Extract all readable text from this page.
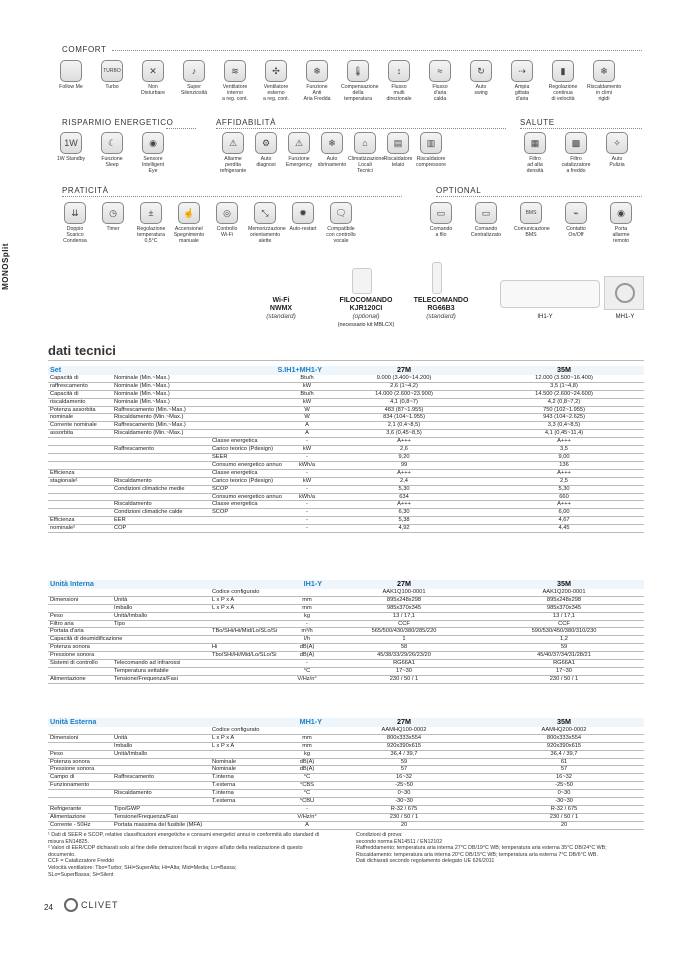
MONOSplit
COMFORT
Follow Me
TURBO
Turbo
✕
Non
Disturbare
♪
Super
Silenziosità
≋
Ventilatore
interno
a reg. cont.
✣
Ventilatore
esterno
a reg. cont.
❄
Funzione
Anti
Aria Fredda
🌡
Compensazione
della
temperatura
↕
Flusso
multi
direzionale
≈
Flusso
d'aria
calda
↻
Auto
swing
⇢
Ampia
gittata
d'aria
▮
Regolazione
continua
di velocità
❄
Riscaldamento
in climi
rigidi
RISPARMIO ENERGETICO	AFFIDABILITÀ	SALUTE
1W
1W Standby
☾
Funzione
Sleep
◉
Sensore
Intelligent
Eye
⚠
Allarme
perdita
refrigerante
⚙
Auto
diagnosi
⚠
Funzione
Emergency
❄
Auto
sbrinamento
⌂
Climatizzazione
Locali
Tecnici
▤
Riscaldatore
telaio
▥
Riscaldatore
compressore
▦
Filtro
ad alta
densità
▩
Filtro
catalizzatore
a freddo
✧
Auto
Pulizia
PRATICITÀ	OPTIONAL
⇊
Doppio
Scarico
Condensa
◷
Timer
±
Regolazione
temperatura
0,5°C
☝
Accensione/
Spegnimento
manuale
◎
Controllo
Wi-Fi
⤡
Memorizzazione
orientamento
alette
✹
Auto-restart
🗨
Compatibile
con controllo
vocale
▭
Comando
a filo
▭
Comando
Centralizzato
BMS
Comunicazione
BMS
⌁
Contatto
On/Off
◉
Porta
allarme
remoto
Wi-Fi
NWMX
(standard)
FILOCOMANDO
KJR120CI
(optional)
(necessario kit MBLCX)
TELECOMANDO
RG66B3
(standard)	IH1-Y	MH1-Y
dati tecnici
Set		S.IH1+MH1-Y		27M	35M
Capacità di	Nominale (Min.~Max.)		Btu/h	9.000 (3.400~14.200)	12.000 (3.500~16.400)
raffrescamento	Nominale (Min.~Max.)		kW	2,6 (1~4,2)	3,5 (1~4,8)
Capacità di	Nominale (Min.~Max.)		Btu/h	14.000 (2.600~23.900)	14.500 (2.600~24.600)
riscaldamento	Nominale (Min.~Max.)		kW	4,1 (0,8~7)	4,2 (0,8~7,2)
Potenza assorbita	Raffrescamento (Min.~Max.)		W	483 (87~1.955)	750 (102~1.955)
nominale	Riscaldamento (Min.~Max.)		W	834 (104~1.955)	943 (104~2.625)
Corrente nominale	Raffrescamento (Min.~Max.)		A	2,1 (0,4~8,5)	3,3 (0,4~8,5)
assorbita	Riscaldamento (Min.~Max.)		A	3,6 (0,45~8,5)	4,1 (0,45~11,4)
		Classe energetica	-	A+++	A+++
	Raffrescamento	Carico teorico (Pdesign)	kW	2,6	3,5
		SEER	-	9,20	9,00
		Consumo energetico annuo	kWh/a	99	136
Efficienza		Classe energetica	-	A+++	A+++
stagionale¹	Riscaldamento	Carico teorico (Pdesign)	kW	2,4	2,5
	Condizioni climatiche medie	SCOP	-	5,30	5,30
		Consumo energetico annuo	kWh/a	634	660
	Riscaldamento	Classe energetica	-	A+++	A+++
	Condizioni climatiche calde	SCOP	-	6,30	6,00
Efficienza	EER		-	5,38	4,67
nominale²	COP		-	4,92	4,45
Unità Interna		IH1-Y		27M	35M
		Codice configurato		AAK1Q100-0001	AAK1Q200-0001
Dimensioni	Unità	L x P x A	mm	895x248x298	895x248x298
	Imballo	L x P x A	mm	985x370x345	985x370x345
Peso	Unità/Imballo		kg	13 / 17,1	13 / 17,1
Filtro aria	Tipo		-	CCF	CCF
Portata d'aria		TBo/SHi/Hi/Mid/Lo/SLo/Si	m³/h	565/500/430/380/285/220	590/530/450/380/310/230
Capacità di deumidificazione			l/h	1	1,2
Potenza sonora		Hi	dB(A)	58	59
Pressione sonora		Tbo/SHi/Hi/Mid/Lo/SLo/Si	dB(A)	45/38/33/29/26/23/20	45/40/37/34/31/28/21
Sistemi di controllo	Telecomando ad infrarossi		-	RG66A1	RG66A1
	Temperatura settabile		°C	17~30	17~30
Alimentazione	Tensione/Frequenza/Fasi		V/Hz/n°	230 / 50 / 1	230 / 50 / 1
Unità Esterna		MH1-Y		27M	35M
		Codice configurato		AAMHQ100-0002	AAMHQ200-0002
Dimensioni	Unità	L x P x A	mm	800x333x554	800x333x554
	Imballo	L x P x A	mm	920x390x615	920x390x615
Peso	Unità/Imballo		kg	36,4 / 39,7	36,4 / 39,7
Potenza sonora		Nominale	dB(A)	59	61
Pressione sonora		Nominale	dB(A)	57	57
Campo di	Raffrescamento	T.interna	°C	16~32	16~32
Funzionamento		T.esterna	°CBS	-25~50	-25~50
	Riscaldamento	T.interna	°C	0~30	0~30
		T.esterna	°CBU	-30~30	-30~30
Refrigerante	Tipo/GWP		-	R-32 / 675	R-32 / 675
Alimentazione	Tensione/Frequenza/Fasi		V/Hz/n°	230 / 50 / 1	230 / 50 / 1
Corrente - 50Hz	Portata massima del fusibile (MFA)		A	20	20
¹ Dati di SEER e SCOP, relative classificazioni energetiche e consumi energetici annui in conformità allo standard di misura EN14825.
² Valori di EER/COP dichiarati solo al fine delle detrazioni fiscali in vigore all'atto della realizzazione di questo documento.
CCF = Catalizzatore Freddo
Velocità ventilatore: Tbo=Turbo; SHi=SuperAlta; Hi=Alta; Mid=Media; Lo=Bassa;
SLo=SuperBassa; Si=Silent
Condizioni di prova:
secondo norma EN14511 / EN12102
Raffreddamento: temperatura aria interna 27°C DB/19°C WB; temperatura aria esterna 35°C DB/24°C WB;
Riscaldamento: temperatura aria interna 20°C DB/15°C WB; temperatura aria esterna 7°C DB/6°C WB.
Dati dichiarati secondo regolamento delegato UE 626/2011
24	CLIVET
